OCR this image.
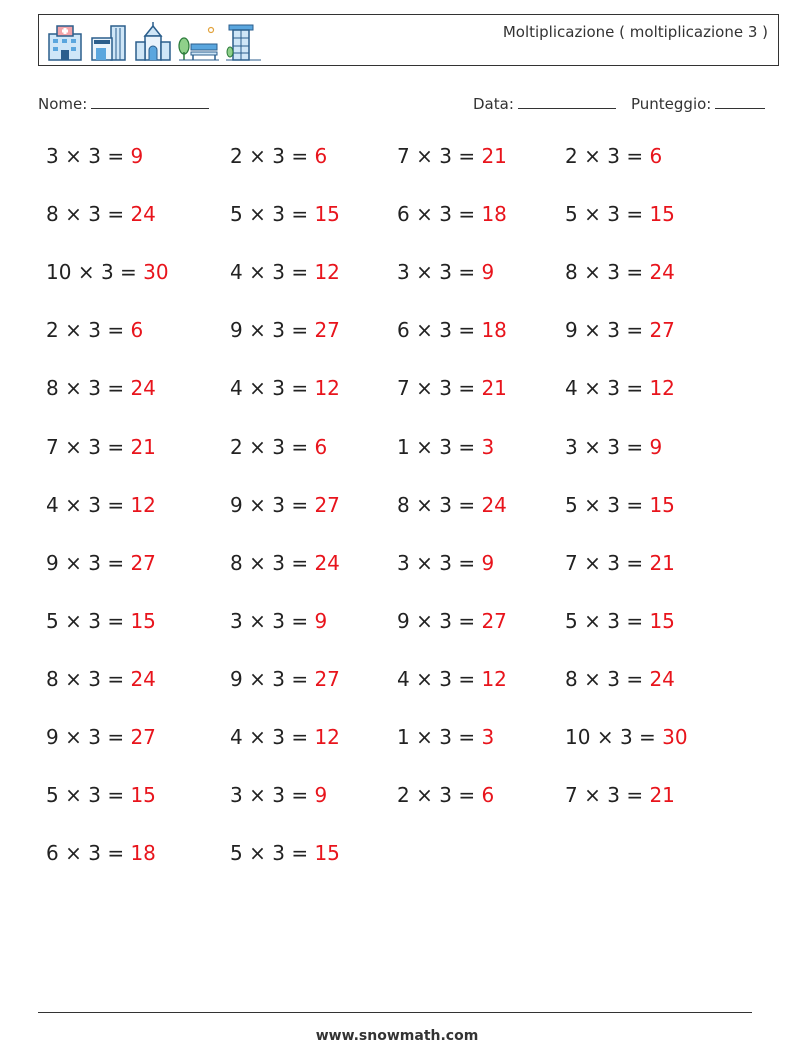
Moltiplicazione ( moltiplicazione 3 )
Nome:	Data:	Punteggio:
3 × 3 = 9
8 × 3 = 24
10 × 3 = 30
2 × 3 = 6
8 × 3 = 24
7 × 3 = 21
4 × 3 = 12
9 × 3 = 27
5 × 3 = 15
8 × 3 = 24
9 × 3 = 27
5 × 3 = 15
6 × 3 = 18
2 × 3 = 6
5 × 3 = 15
4 × 3 = 12
9 × 3 = 27
4 × 3 = 12
2 × 3 = 6
9 × 3 = 27
8 × 3 = 24
3 × 3 = 9
9 × 3 = 27
4 × 3 = 12
3 × 3 = 9
5 × 3 = 15
7 × 3 = 21
6 × 3 = 18
3 × 3 = 9
6 × 3 = 18
7 × 3 = 21
1 × 3 = 3
8 × 3 = 24
3 × 3 = 9
9 × 3 = 27
4 × 3 = 12
1 × 3 = 3
2 × 3 = 6
2 × 3 = 6
5 × 3 = 15
8 × 3 = 24
9 × 3 = 27
4 × 3 = 12
3 × 3 = 9
5 × 3 = 15
7 × 3 = 21
5 × 3 = 15
8 × 3 = 24
10 × 3 = 30
7 × 3 = 21
www.snowmath.com
